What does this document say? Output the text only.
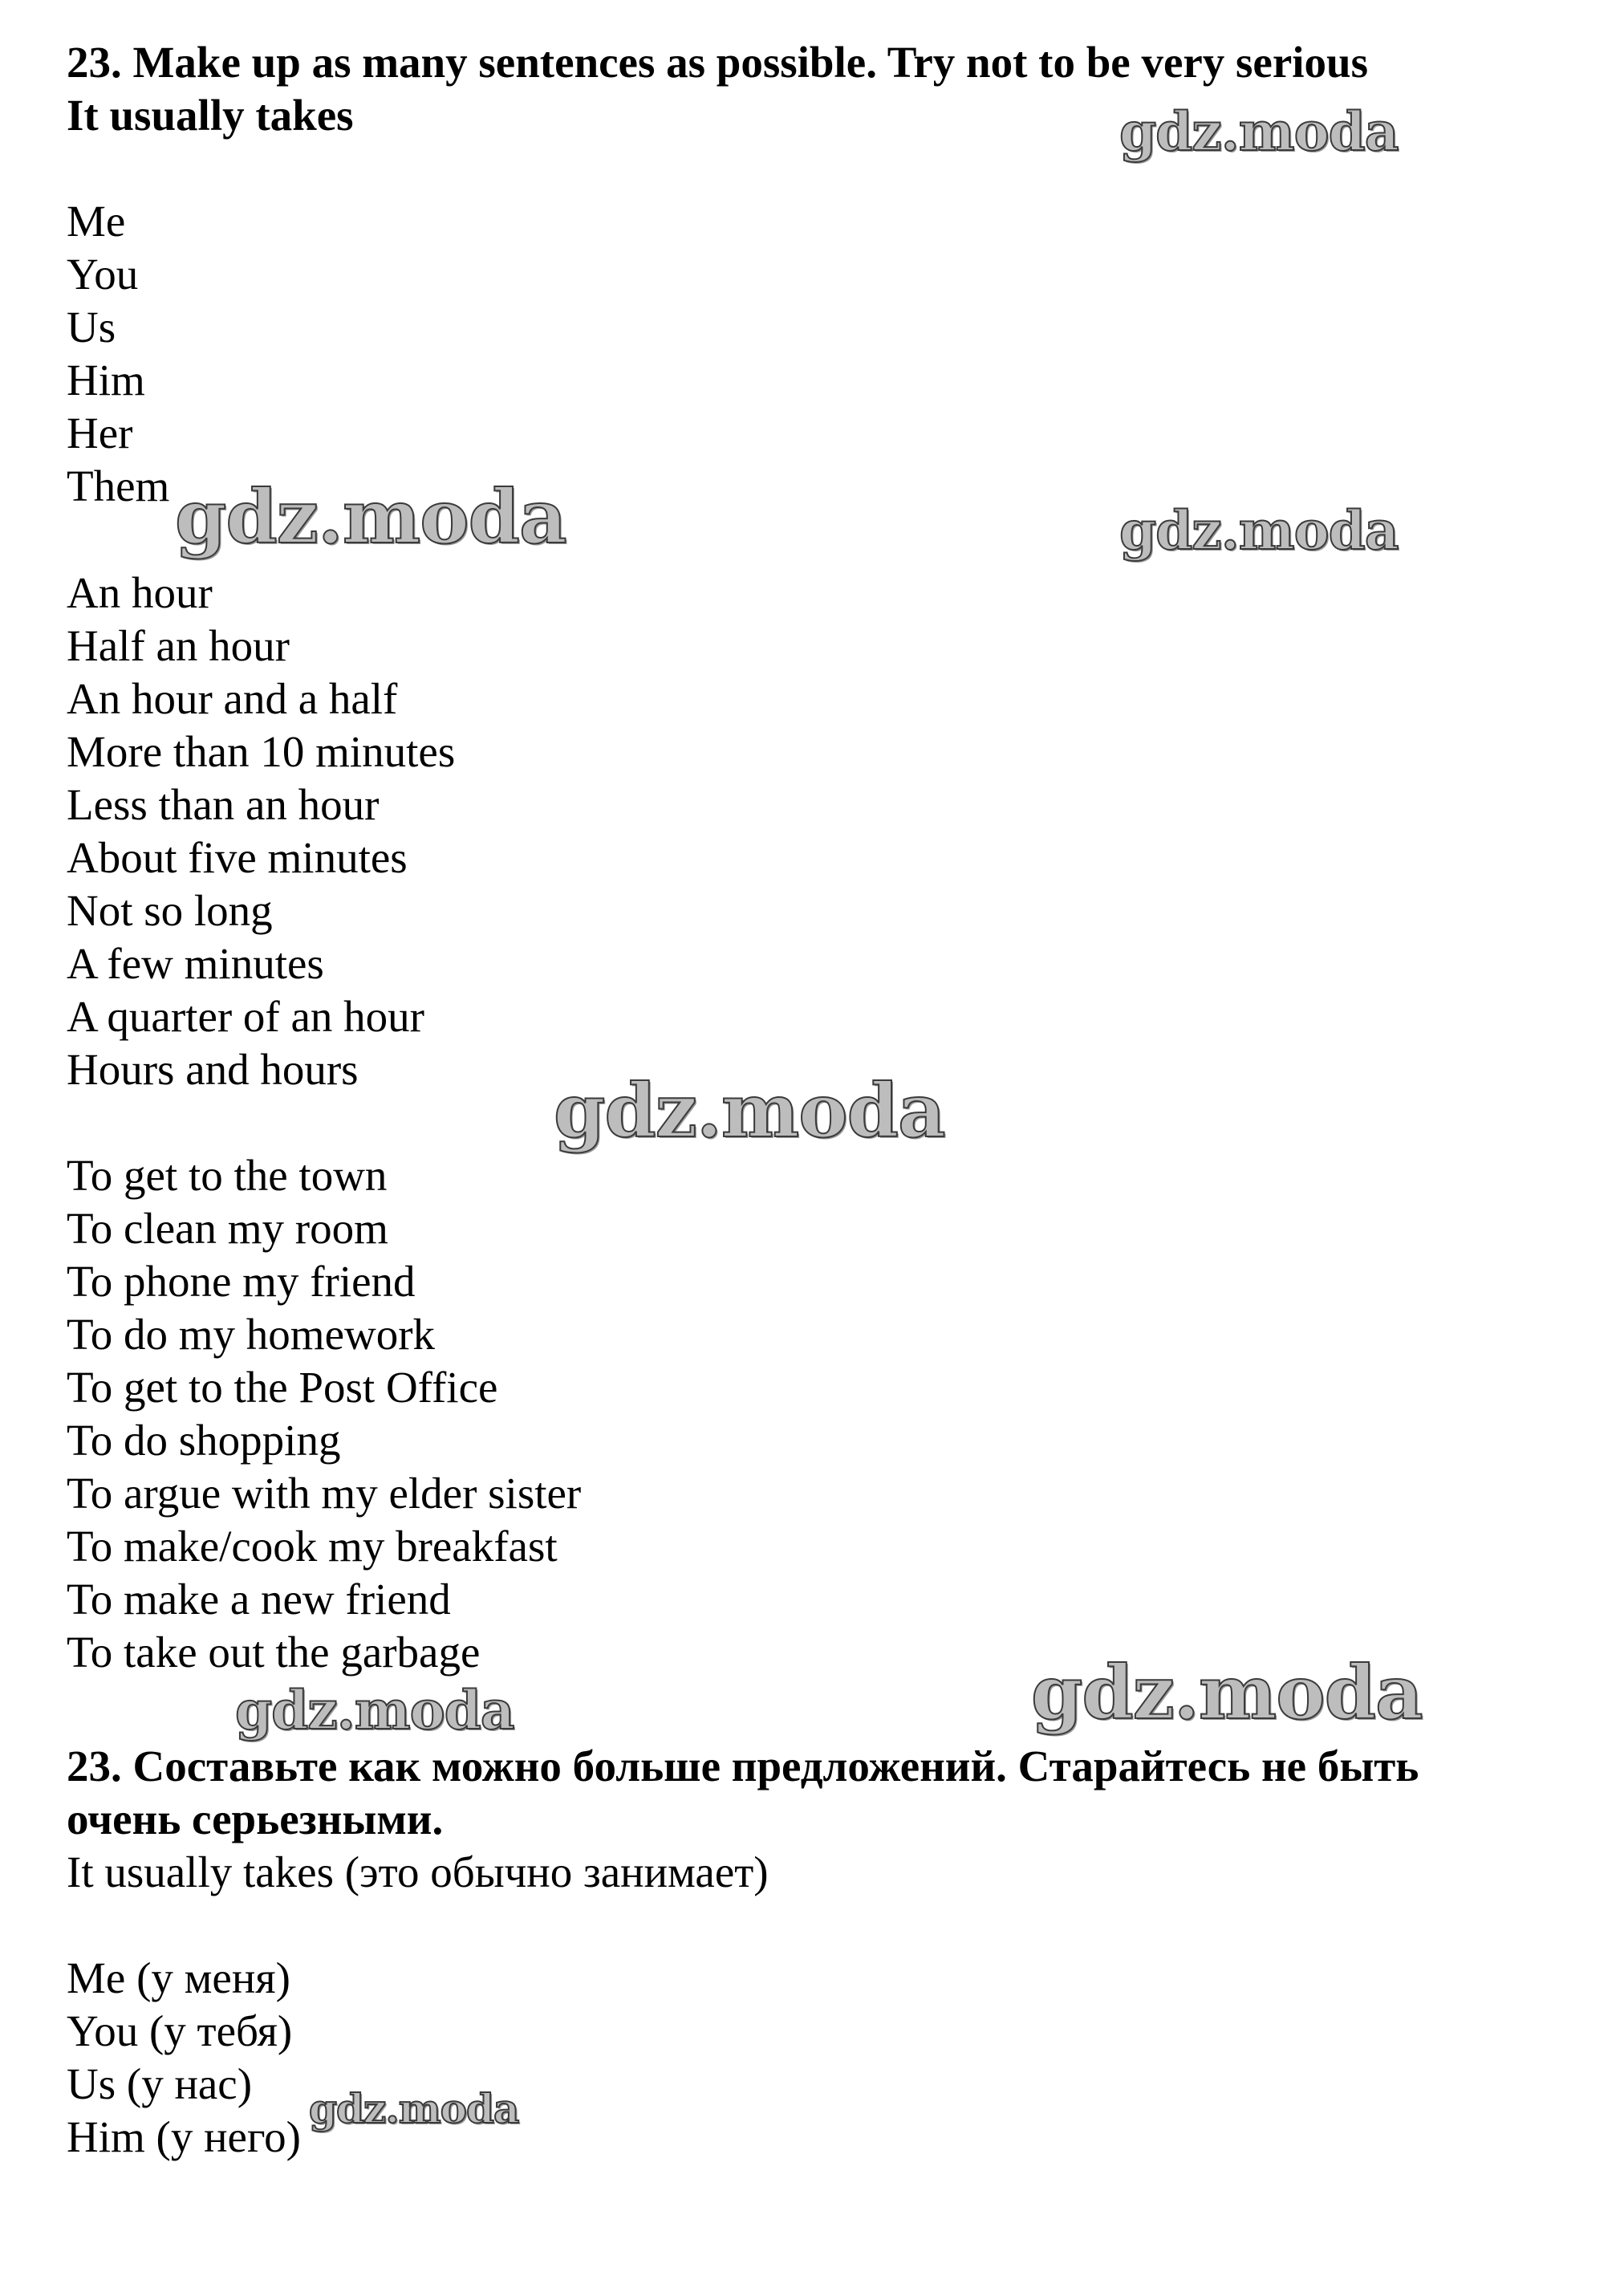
23. Make up as many sentences as possible. Try not to be very serious
It usually takes
Me
You
Us
Him
Her
Them
An hour
Half an hour
An hour and a half
More than 10 minutes
Less than an hour
About five minutes
Not so long
A few minutes
A quarter of an hour
Hours and hours
To get to the town
To clean my room
To phone my friend
To do my homework
To get to the Post Office
To do shopping
To argue with my elder sister
To make/cook my breakfast
To make a new friend
To take out the garbage
23. Составьте как можно больше предложений. Старайтесь не быть
очень серьезными.
It usually takes (это обычно занимает)
Me (у меня)
You (у тебя)
Us (у нас)
Him (у него)
gdz.moda
gdz.moda	gdz.moda
gdz.moda
gdz.moda	gdz.moda
gdz.moda
